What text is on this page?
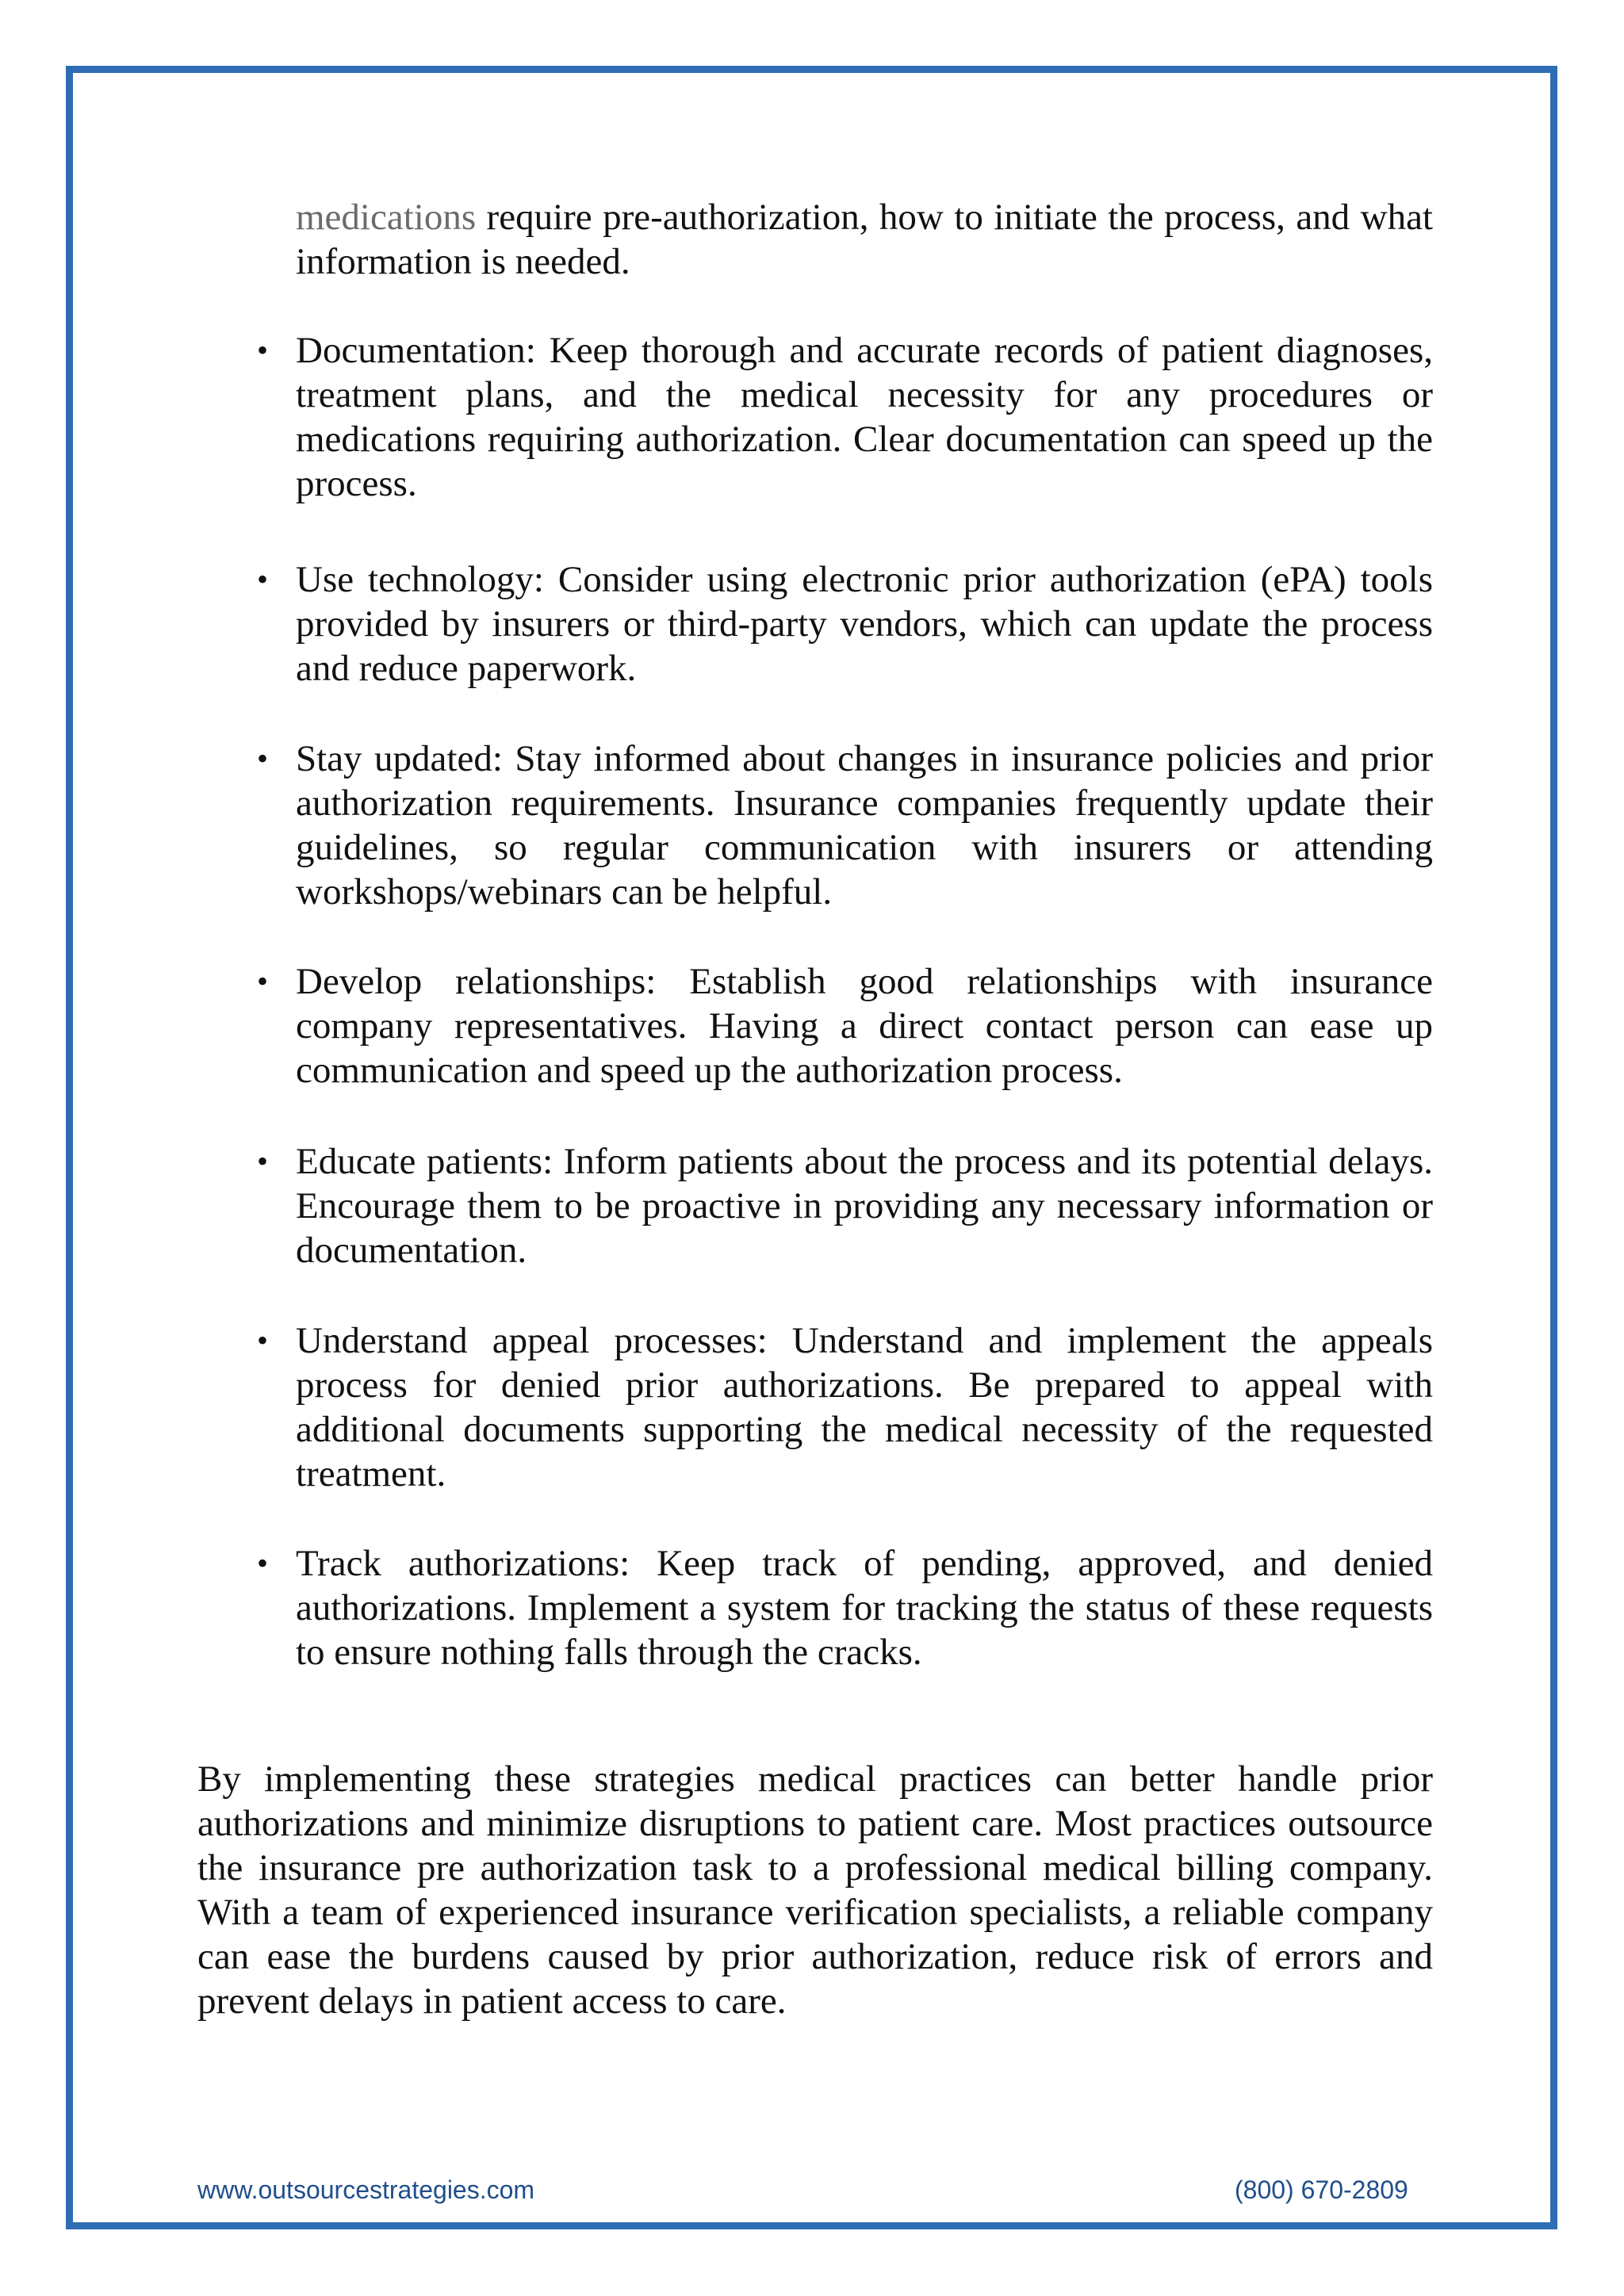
medications require pre-authorization, how to initiate the process, and what information is needed.

• Documentation: Keep thorough and accurate records of patient diagnoses, treatment plans, and the medical necessity for any procedures or medications requiring authorization. Clear documentation can speed up the process.
• Use technology: Consider using electronic prior authorization (ePA) tools provided by insurers or third-party vendors, which can update the process and reduce paperwork.
• Stay updated: Stay informed about changes in insurance policies and prior authorization requirements. Insurance companies frequently update their guidelines, so regular communication with insurers or attending workshops/webinars can be helpful.
• Develop relationships: Establish good relationships with insurance company representatives. Having a direct contact person can ease up communication and speed up the authorization process.
• Educate patients: Inform patients about the process and its potential delays. Encourage them to be proactive in providing any necessary information or documentation.
• Understand appeal processes: Understand and implement the appeals process for denied prior authorizations. Be prepared to appeal with additional documents supporting the medical necessity of the requested treatment.
• Track authorizations: Keep track of pending, approved, and denied authorizations. Implement a system for tracking the status of these requests to ensure nothing falls through the cracks.

By implementing these strategies medical practices can better handle prior authorizations and minimize disruptions to patient care. Most practices outsource the insurance pre authorization task to a professional medical billing company. With a team of experienced insurance verification specialists, a reliable company can ease the burdens caused by prior authorization, reduce risk of errors and prevent delays in patient access to care.

www.outsourcestrategies.com	(800) 670-2809
